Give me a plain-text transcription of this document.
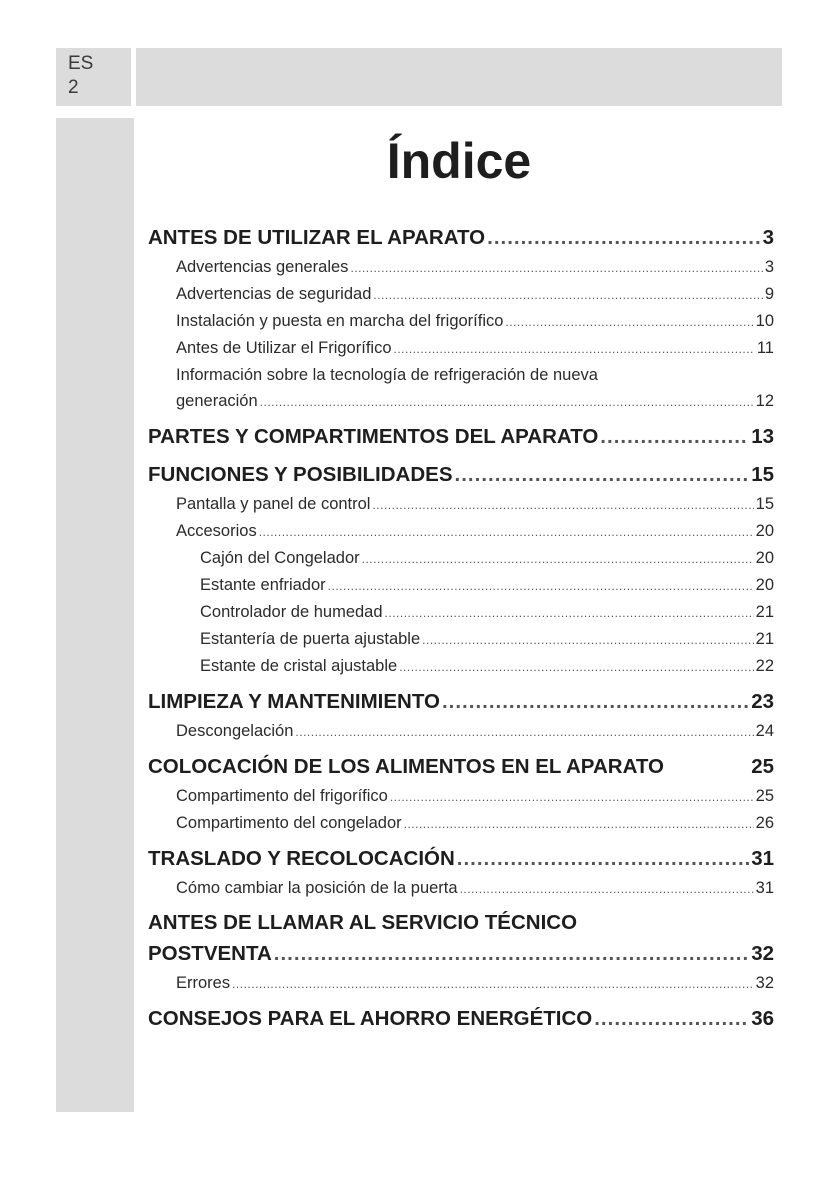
ES
2
Índice
ANTES DE UTILIZAR EL APARATO .....	3
Advertencias generales .....	3
Advertencias de seguridad .....	9
Instalación y puesta en marcha del frigorífico .....	10
Antes de Utilizar el Frigorífico .....	11
Información sobre la tecnología de refrigeración de nueva
generación .....	12
PARTES Y COMPARTIMENTOS DEL APARATO .....	13
FUNCIONES Y POSIBILIDADES .....	15
Pantalla y panel de control .....	15
Accesorios .....	20
Cajón del Congelador .....	20
Estante enfriador .....	20
Controlador de humedad .....	21
Estantería de puerta ajustable .....	21
Estante de cristal ajustable .....	22
LIMPIEZA Y MANTENIMIENTO .....	23
Descongelación .....	24
COLOCACIÓN DE LOS ALIMENTOS EN EL APARATO	25
Compartimento del frigorífico .....	25
Compartimento del congelador .....	26
TRASLADO Y RECOLOCACIÓN .....	31
Cómo cambiar la posición de la puerta .....	31
ANTES DE LLAMAR AL SERVICIO TÉCNICO
POSTVENTA .....	32
Errores .....	32
CONSEJOS PARA EL AHORRO ENERGÉTICO .....	36
